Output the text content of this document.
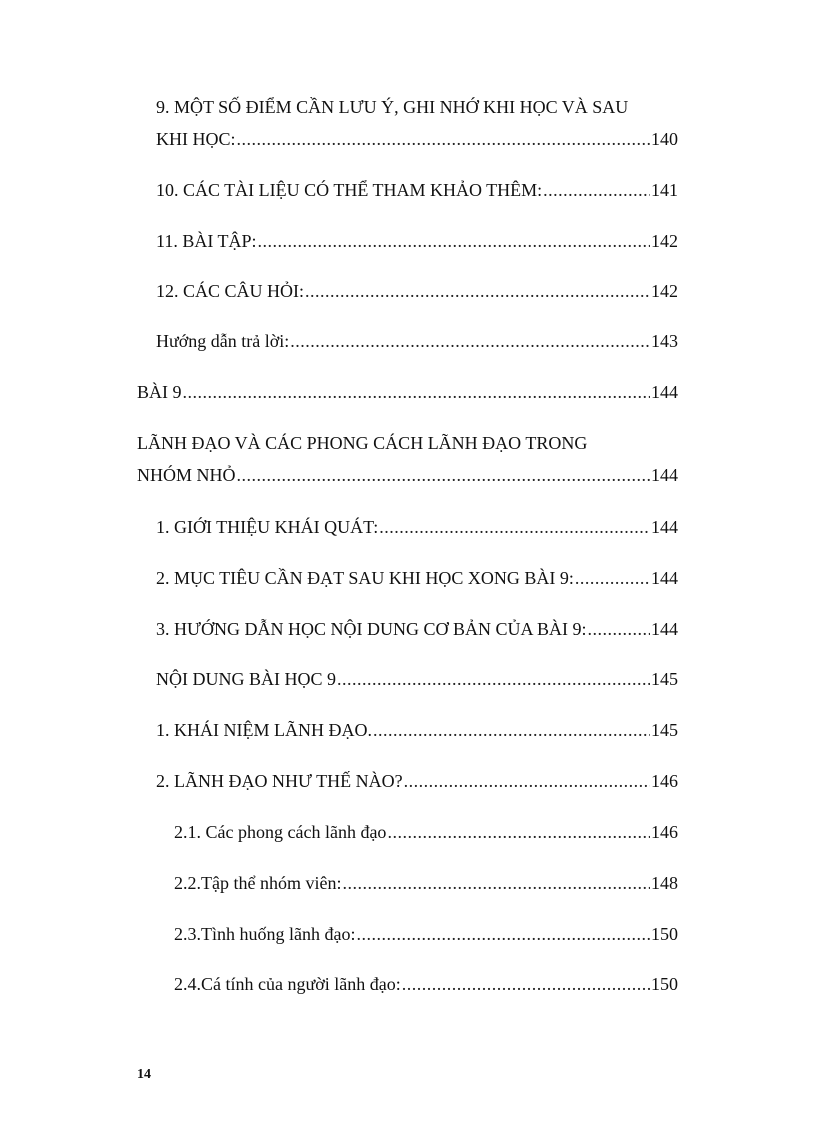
9. MỘT SỐ ĐIỂM CẦN LƯU Ý, GHI NHỚ KHI HỌC VÀ SAU
KHI HỌC: .....	140
10. CÁC TÀI LIỆU CÓ THỂ THAM KHẢO THÊM: .....	141
11. BÀI TẬP: .....	142
12. CÁC CÂU HỎI: .....	142
Hướng dẫn trả lời: .....	143
BÀI 9 .....	144
LÃNH ĐẠO VÀ CÁC PHONG CÁCH LÃNH ĐẠO TRONG
NHÓM NHỎ .....	144
1. GIỚI THIỆU KHÁI QUÁT: .....	144
2. MỤC TIÊU CẦN ĐẠT SAU KHI HỌC XONG BÀI 9: .....	144
3. HƯỚNG DẪN HỌC NỘI DUNG CƠ BẢN CỦA BÀI 9: .....	144
NỘI DUNG BÀI HỌC 9 .....	145
1. KHÁI NIỆM LÃNH ĐẠO. .....	145
2. LÃNH ĐẠO NHƯ THẾ NÀO? .....	146
2.1. Các phong cách lãnh đạo .....	146
2.2.Tập thể nhóm viên: .....	148
2.3.Tình huống lãnh đạo: .....	150
2.4.Cá tính của người lãnh đạo: .....	150
14
